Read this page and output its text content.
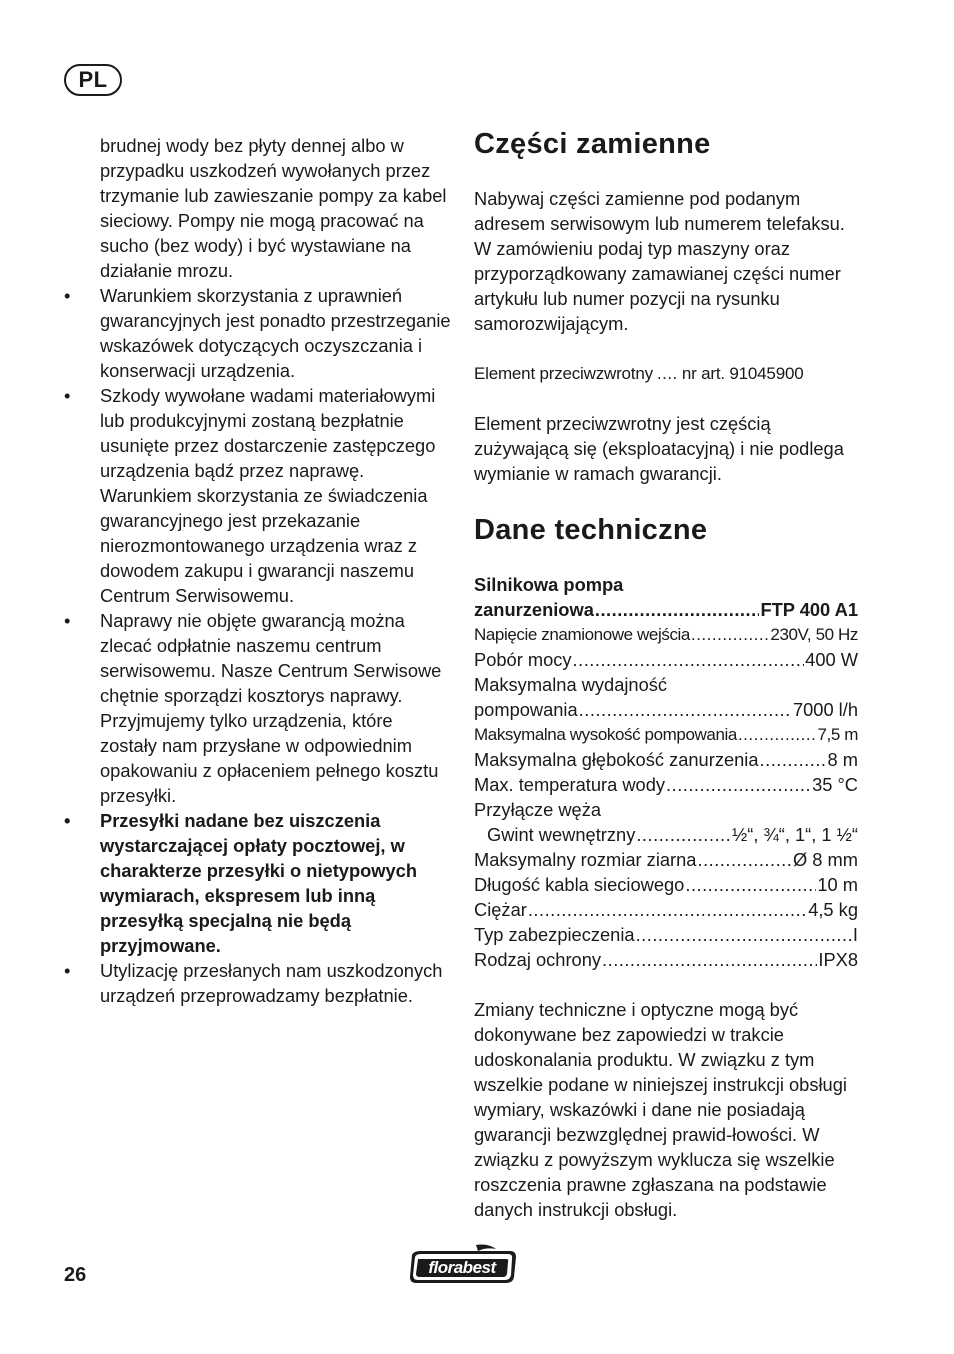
PL

brudnej wody bez płyty dennej albo w przypadku uszkodzeń wywołanych przez trzymanie lub zawieszanie pompy za kabel sieciowy. Pompy nie mogą pracować na sucho (bez wody) i być wystawiane na działanie mrozu.

•	Warunkiem skorzystania z uprawnień gwarancyjnych jest ponadto przestrzeganie wskazówek dotyczących oczyszczania i konserwacji urządzenia.

•	Szkody wywołane wadami materiałowymi lub produkcyjnymi zostaną bezpłatnie usunięte przez dostarczenie zastępczego urządzenia bądź przez naprawę.

Warunkiem skorzystania ze świadczenia gwarancyjnego jest przekazanie nierozmontowanego urządzenia wraz z dowodem zakupu i gwarancji naszemu Centrum Serwisowemu.

•	Naprawy nie objęte gwarancją można zlecać odpłatnie naszemu centrum serwisowemu. Nasze Centrum Serwisowe chętnie sporządzi kosztorys naprawy.

Przyjmujemy tylko urządzenia, które zostały nam przysłane w odpowiednim opakowaniu z opłaceniem pełnego kosztu przesyłki.

•	Przesyłki nadane bez uiszczenia wystarczającej opłaty pocztowej, w charakterze przesyłki o nietypowych wymiarach, ekspresem lub inną przesyłką specjalną nie będą przyjmowane.

•	Utylizację przesłanych nam uszkodzonych urządzeń przeprowadzamy bezpłatnie.

Części zamienne

Nabywaj części zamienne pod podanym adresem serwisowym lub numerem telefaksu. W zamówieniu podaj typ maszyny oraz przyporządkowany zamawianej części numer artykułu lub numer pozycji na rysunku samorozwijającym.

Element przeciwzwrotny ..... nr art. 91045900

Element przeciwzwrotny jest częścią zużywającą się (eksploatacyjną) i nie podlega wymianie w ramach gwarancji.

Dane techniczne
Silnikowa pompa
zanurzeniowa .....	FTP 400 A1
Napięcie znamionowe wejścia .....	230V, 50 Hz
Pobór mocy .....	400 W
Maksymalna wydajność
pompowania .....	7000 l/h
Maksymalna wysokość pompowania .....	7,5 m
Maksymalna głębokość zanurzenia .....	8 m
Max. temperatura wody .....	35 °C
Przyłącze węża
Gwint wewnętrzny .....	½“, ¾“, 1“, 1 ½“
Maksymalny rozmiar ziarna .....	Ø 8 mm
Długość kabla sieciowego .....	10 m
Ciężar .....	4,5 kg
Typ zabezpieczenia .....	I
Rodzaj ochrony .....	IPX8

Zmiany techniczne i optyczne mogą być dokonywane bez zapowiedzi w trakcie udoskonalania produktu. W związku z tym wszelkie podane w niniejszej instrukcji obsługi wymiary, wskazówki i dane nie posiadają gwarancji bezwzględnej prawid-łowości. W związku z powyższym wyklucza się wszelkie roszczenia prawne zgłaszana na podstawie danych instrukcji obsługi.

26	florabest
